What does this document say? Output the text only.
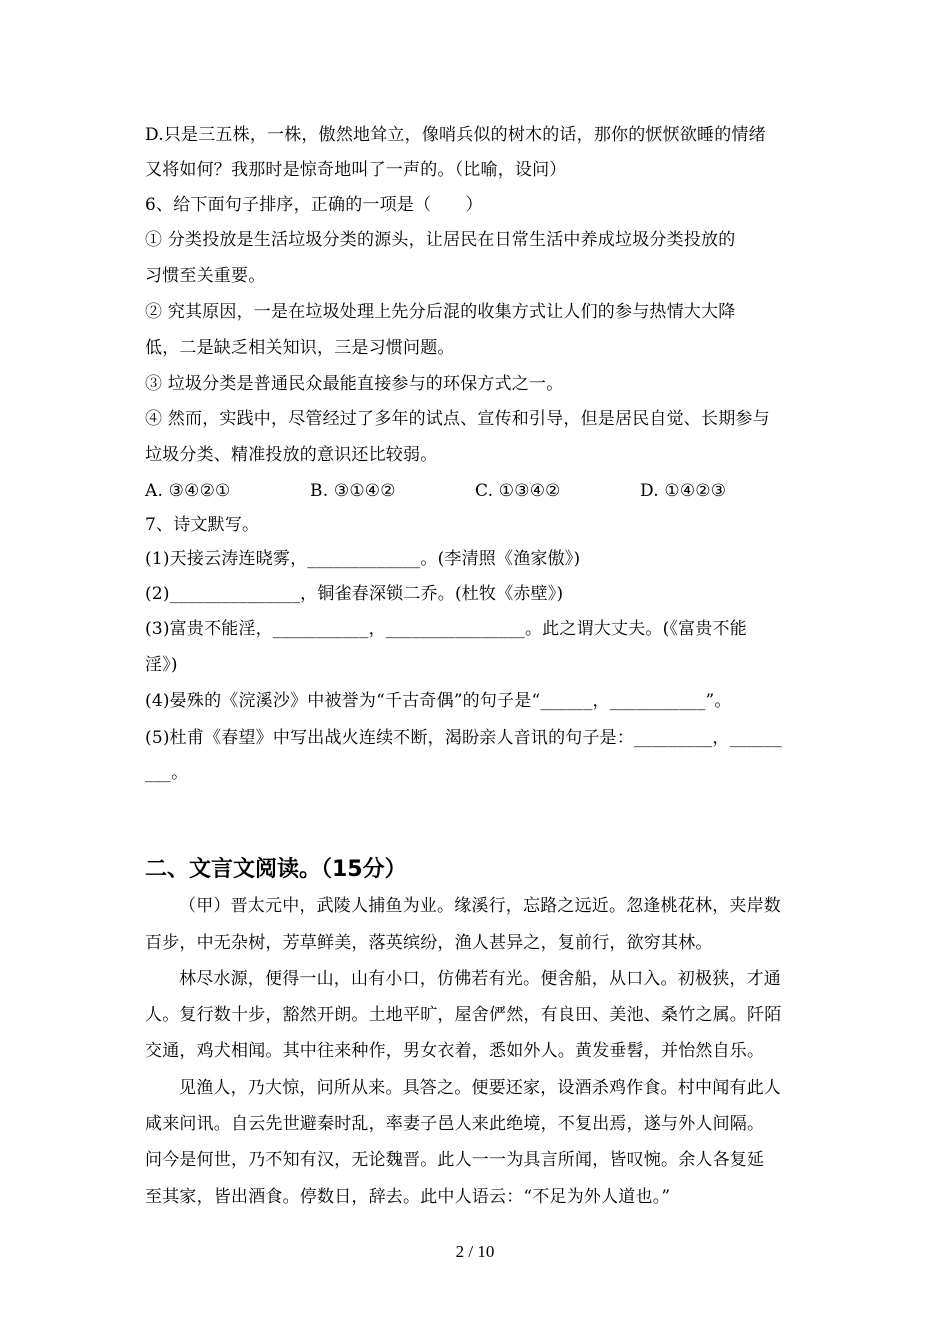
D.只是三五株，一株，傲然地耸立，像哨兵似的树木的话，那你的恹恹欲睡的情绪
又将如何？我那时是惊奇地叫了一声的。（比喻，设问）
6、给下面句子排序，正确的一项是（　　）
① 分类投放是生活垃圾分类的源头，让居民在日常生活中养成垃圾分类投放的
习惯至关重要。
② 究其原因，一是在垃圾处理上先分后混的收集方式让人们的参与热情大大降
低，二是缺乏相关知识，三是习惯问题。
③ 垃圾分类是普通民众最能直接参与的环保方式之一。
④ 然而，实践中，尽管经过了多年的试点、宣传和引导，但是居民自觉、长期参与
垃圾分类、精准投放的意识还比较弱。
A. ③④②①	B. ③①④②	C. ①③④②	D. ①④②③
7、诗文默写。
(1)天接云涛连晓雾，_____________。(李清照《渔家傲》)
(2)_______________，铜雀春深锁二乔。(杜牧《赤壁》)
(3)富贵不能淫，___________，________________。此之谓大丈夫。(《富贵不能
淫》)
(4)晏殊的《浣溪沙》中被誉为“千古奇偶”的句子是“______，___________”。
(5)杜甫《春望》中写出战火连续不断，渴盼亲人音讯的句子是：_________，______
___。
二、文言文阅读。（15分）
（甲）晋太元中，武陵人捕鱼为业。缘溪行，忘路之远近。忽逢桃花林，夹岸数
百步，中无杂树，芳草鲜美，落英缤纷，渔人甚异之，复前行，欲穷其林。
林尽水源，便得一山，山有小口，仿佛若有光。便舍船，从口入。初极狭，才通
人。复行数十步，豁然开朗。土地平旷，屋舍俨然，有良田、美池、桑竹之属。阡陌
交通，鸡犬相闻。其中往来种作，男女衣着，悉如外人。黄发垂髫，并怡然自乐。
见渔人，乃大惊，问所从来。具答之。便要还家，设酒杀鸡作食。村中闻有此人
咸来问讯。自云先世避秦时乱，率妻子邑人来此绝境，不复出焉，遂与外人间隔。
问今是何世，乃不知有汉，无论魏晋。此人一一为具言所闻，皆叹惋。余人各复延
至其家，皆出酒食。停数日，辞去。此中人语云：“不足为外人道也。”
2 / 10
